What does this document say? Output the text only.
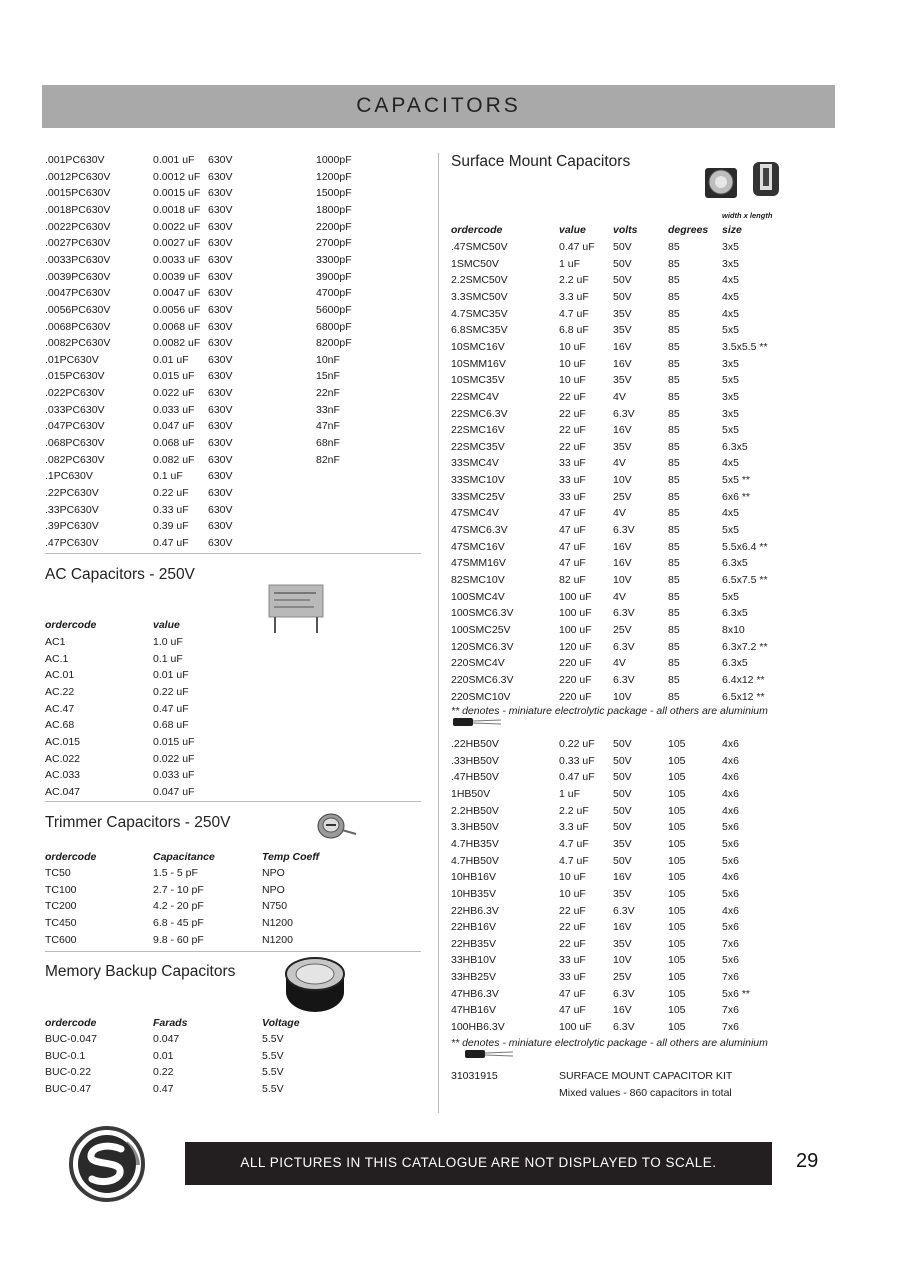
CAPACITORS
ALL PICTURES IN THIS CATALOGUE ARE NOT DISPLAYED TO SCALE.	29
.001PC630V	0.001 uF 630V	1000pF
.0012PC630V	0.0012 uF 630V	1200pF
.0015PC630V	0.0015 uF 630V	1500pF
.0018PC630V	0.0018 uF 630V	1800pF
.0022PC630V	0.0022 uF 630V	2200pF
.0027PC630V	0.0027 uF 630V	2700pF
.0033PC630V	0.0033 uF 630V	3300pF
.0039PC630V	0.0039 uF 630V	3900pF
.0047PC630V	0.0047 uF 630V	4700pF
.0056PC630V	0.0056 uF 630V	5600pF
.0068PC630V	0.0068 uF 630V	6800pF
.0082PC630V	0.0082 uF 630V	8200pF
.01PC630V	0.01 uF 630V	10nF
.015PC630V	0.015 uF 630V	15nF
.022PC630V	0.022 uF 630V	22nF
.033PC630V	0.033 uF 630V	33nF
.047PC630V	0.047 uF 630V	47nF
.068PC630V	0.068 uF 630V	68nF
.082PC630V	0.082 uF 630V	82nF
.1PC630V	0.1 uF 630V
.22PC630V	0.22 uF 630V
.33PC630V	0.33 uF 630V
.39PC630V	0.39 uF 630V
.47PC630V	0.47 uF 630V
AC Capacitors - 250V
ordercode	value
AC1	1.0 uF
AC.1	0.1 uF
AC.01	0.01 uF
AC.22	0.22 uF
AC.47	0.47 uF
AC.68	0.68 uF
AC.015	0.015 uF
AC.022	0.022 uF
AC.033	0.033 uF
AC.047	0.047 uF
Trimmer Capacitors - 250V
ordercode	Capacitance	Temp Coeff
TC50	1.5 - 5 pF	NPO
TC100	2.7 - 10 pF	NPO
TC200	4.2 - 20 pF	N750
TC450	6.8 - 45 pF	N1200
TC600	9.8 - 60 pF	N1200
Memory Backup Capacitors
ordercode	Farads	Voltage
BUC-0.047	0.047	5.5V
BUC-0.1	0.01	5.5V
BUC-0.22	0.22	5.5V
BUC-0.47	0.47	5.5V
Surface Mount Capacitors
width x length
ordercode	value	volts	degrees size
.47SMC50V	0.47 uF 50V	85	3x5
1SMC50V	1 uF	50V	85	3x5
2.2SMC50V	2.2 uF 50V	85	4x5
3.3SMC50V	3.3 uF 50V	85	4x5
4.7SMC35V	4.7 uF 35V	85	4x5
6.8SMC35V	6.8 uF 35V	85	5x5
10SMC16V	10 uF	16V	85	3.5x5.5 **
10SMM16V	10 uF	16V	85	3x5
10SMC35V	10 uF	35V	85	5x5
22SMC4V	22 uF	4V	85	3x5
22SMC6.3V	22 uF	6.3V	85	3x5
22SMC16V	22 uF	16V	85	5x5
22SMC35V	22 uF	35V	85	6.3x5
33SMC4V	33 uF	4V	85	4x5
33SMC10V	33 uF	10V	85	5x5 **
33SMC25V	33 uF	25V	85	6x6 **
47SMC4V	47 uF	4V	85	4x5
47SMC6.3V	47 uF	6.3V	85	5x5
47SMC16V	47 uF	16V	85	5.5x6.4 **
47SMM16V	47 uF	16V	85	6.3x5
82SMC10V	82 uF	10V	85	6.5x7.5 **
100SMC4V	100 uF 4V	85	5x5
100SMC6.3V	100 uF 6.3V	85	6.3x5
100SMC25V	100 uF 25V	85	8x10
120SMC6.3V	120 uF 6.3V	85	6.3x7.2 **
220SMC4V	220 uF 4V	85	6.3x5
220SMC6.3V	220 uF 6.3V	85	6.4x12 **
220SMC10V	220 uF 10V	85	6.5x12 **
** denotes - miniature electrolytic package - all others are aluminium
.22HB50V	0.22 uF 50V	105	4x6
.33HB50V	0.33 uF 50V	105	4x6
.47HB50V	0.47 uF 50V	105	4x6
1HB50V	1 uF	50V	105	4x6
2.2HB50V	2.2 uF 50V	105	4x6
3.3HB50V	3.3 uF 50V	105	5x6
4.7HB35V	4.7 uF 35V	105	5x6
4.7HB50V	4.7 uF 50V	105	5x6
10HB16V	10 uF	16V	105	4x6
10HB35V	10 uF	35V	105	5x6
22HB6.3V	22 uF	6.3V	105	4x6
22HB16V	22 uF	16V	105	5x6
22HB35V	22 uF	35V	105	7x6
33HB10V	33 uF	10V	105	5x6
33HB25V	33 uF	25V	105	7x6
47HB6.3V	47 uF	6.3V	105	5x6 **
47HB16V	47 uF	16V	105	7x6
100HB6.3V	100 uF 6.3V	105	7x6
** denotes - miniature electrolytic package - all others are aluminium
31031915	SURFACE MOUNT CAPACITOR KIT
Mixed values - 860 capacitors in total
